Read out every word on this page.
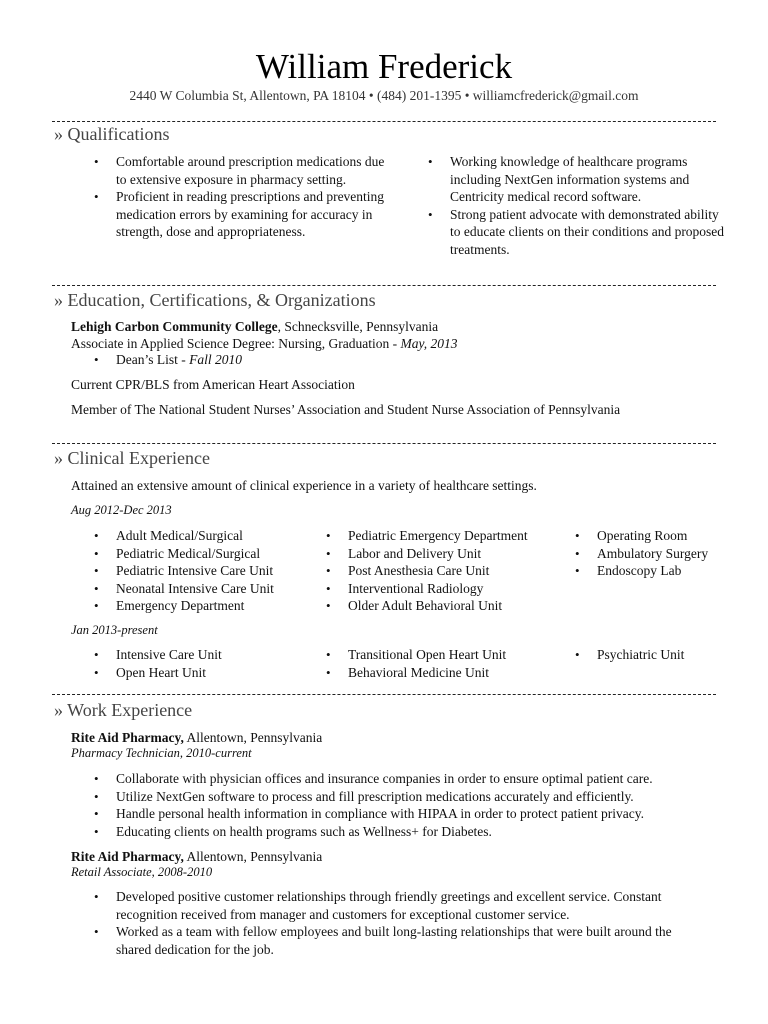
William Frederick
2440 W Columbia St, Allentown, PA 18104 • (484) 201-1395 • williamcfrederick@gmail.com
» Qualifications
• Comfortable around prescription medications due to extensive exposure in pharmacy setting.
• Proficient in reading prescriptions and preventing medication errors by examining for accuracy in strength, dose and appropriateness.
• Working knowledge of healthcare programs including NextGen information systems and Centricity medical record software.
• Strong patient advocate with demonstrated ability to educate clients on their conditions and proposed treatments.
» Education, Certifications, & Organizations

Lehigh Carbon Community College, Schnecksville, Pennsylvania

Associate in Applied Science Degree: Nursing, Graduation - May, 2013

• Dean’s List - Fall 2010

Current CPR/BLS from American Heart Association

Member of The National Student Nurses’ Association and Student Nurse Association of Pennsylvania

» Clinical Experience

Attained an extensive amount of clinical experience in a variety of healthcare settings.

Aug 2012-Dec 2013

• Adult Medical/Surgical
• Pediatric Medical/Surgical
• Pediatric Intensive Care Unit
• Neonatal Intensive Care Unit
• Emergency Department
• Pediatric Emergency Department
• Labor and Delivery Unit
• Post Anesthesia Care Unit
• Interventional Radiology
• Older Adult Behavioral Unit
• Operating Room
• Ambulatory Surgery
• Endoscopy Lab

Jan 2013-present

• Intensive Care Unit
• Open Heart Unit
• Transitional Open Heart Unit
• Behavioral Medicine Unit
• Psychiatric Unit
» Work Experience

Rite Aid Pharmacy, Allentown, Pennsylvania

Pharmacy Technician, 2010-current

• Collaborate with physician offices and insurance companies in order to ensure optimal patient care.
• Utilize NextGen software to process and fill prescription medications accurately and efficiently.
• Handle personal health information in compliance with HIPAA in order to protect patient privacy.
• Educating clients on health programs such as Wellness+ for Diabetes.

Rite Aid Pharmacy, Allentown, Pennsylvania

Retail Associate, 2008-2010

• Developed positive customer relationships through friendly greetings and excellent service. Constant recognition received from manager and customers for exceptional customer service.
• Worked as a team with fellow employees and built long-lasting relationships that were built around the shared dedication for the job.
